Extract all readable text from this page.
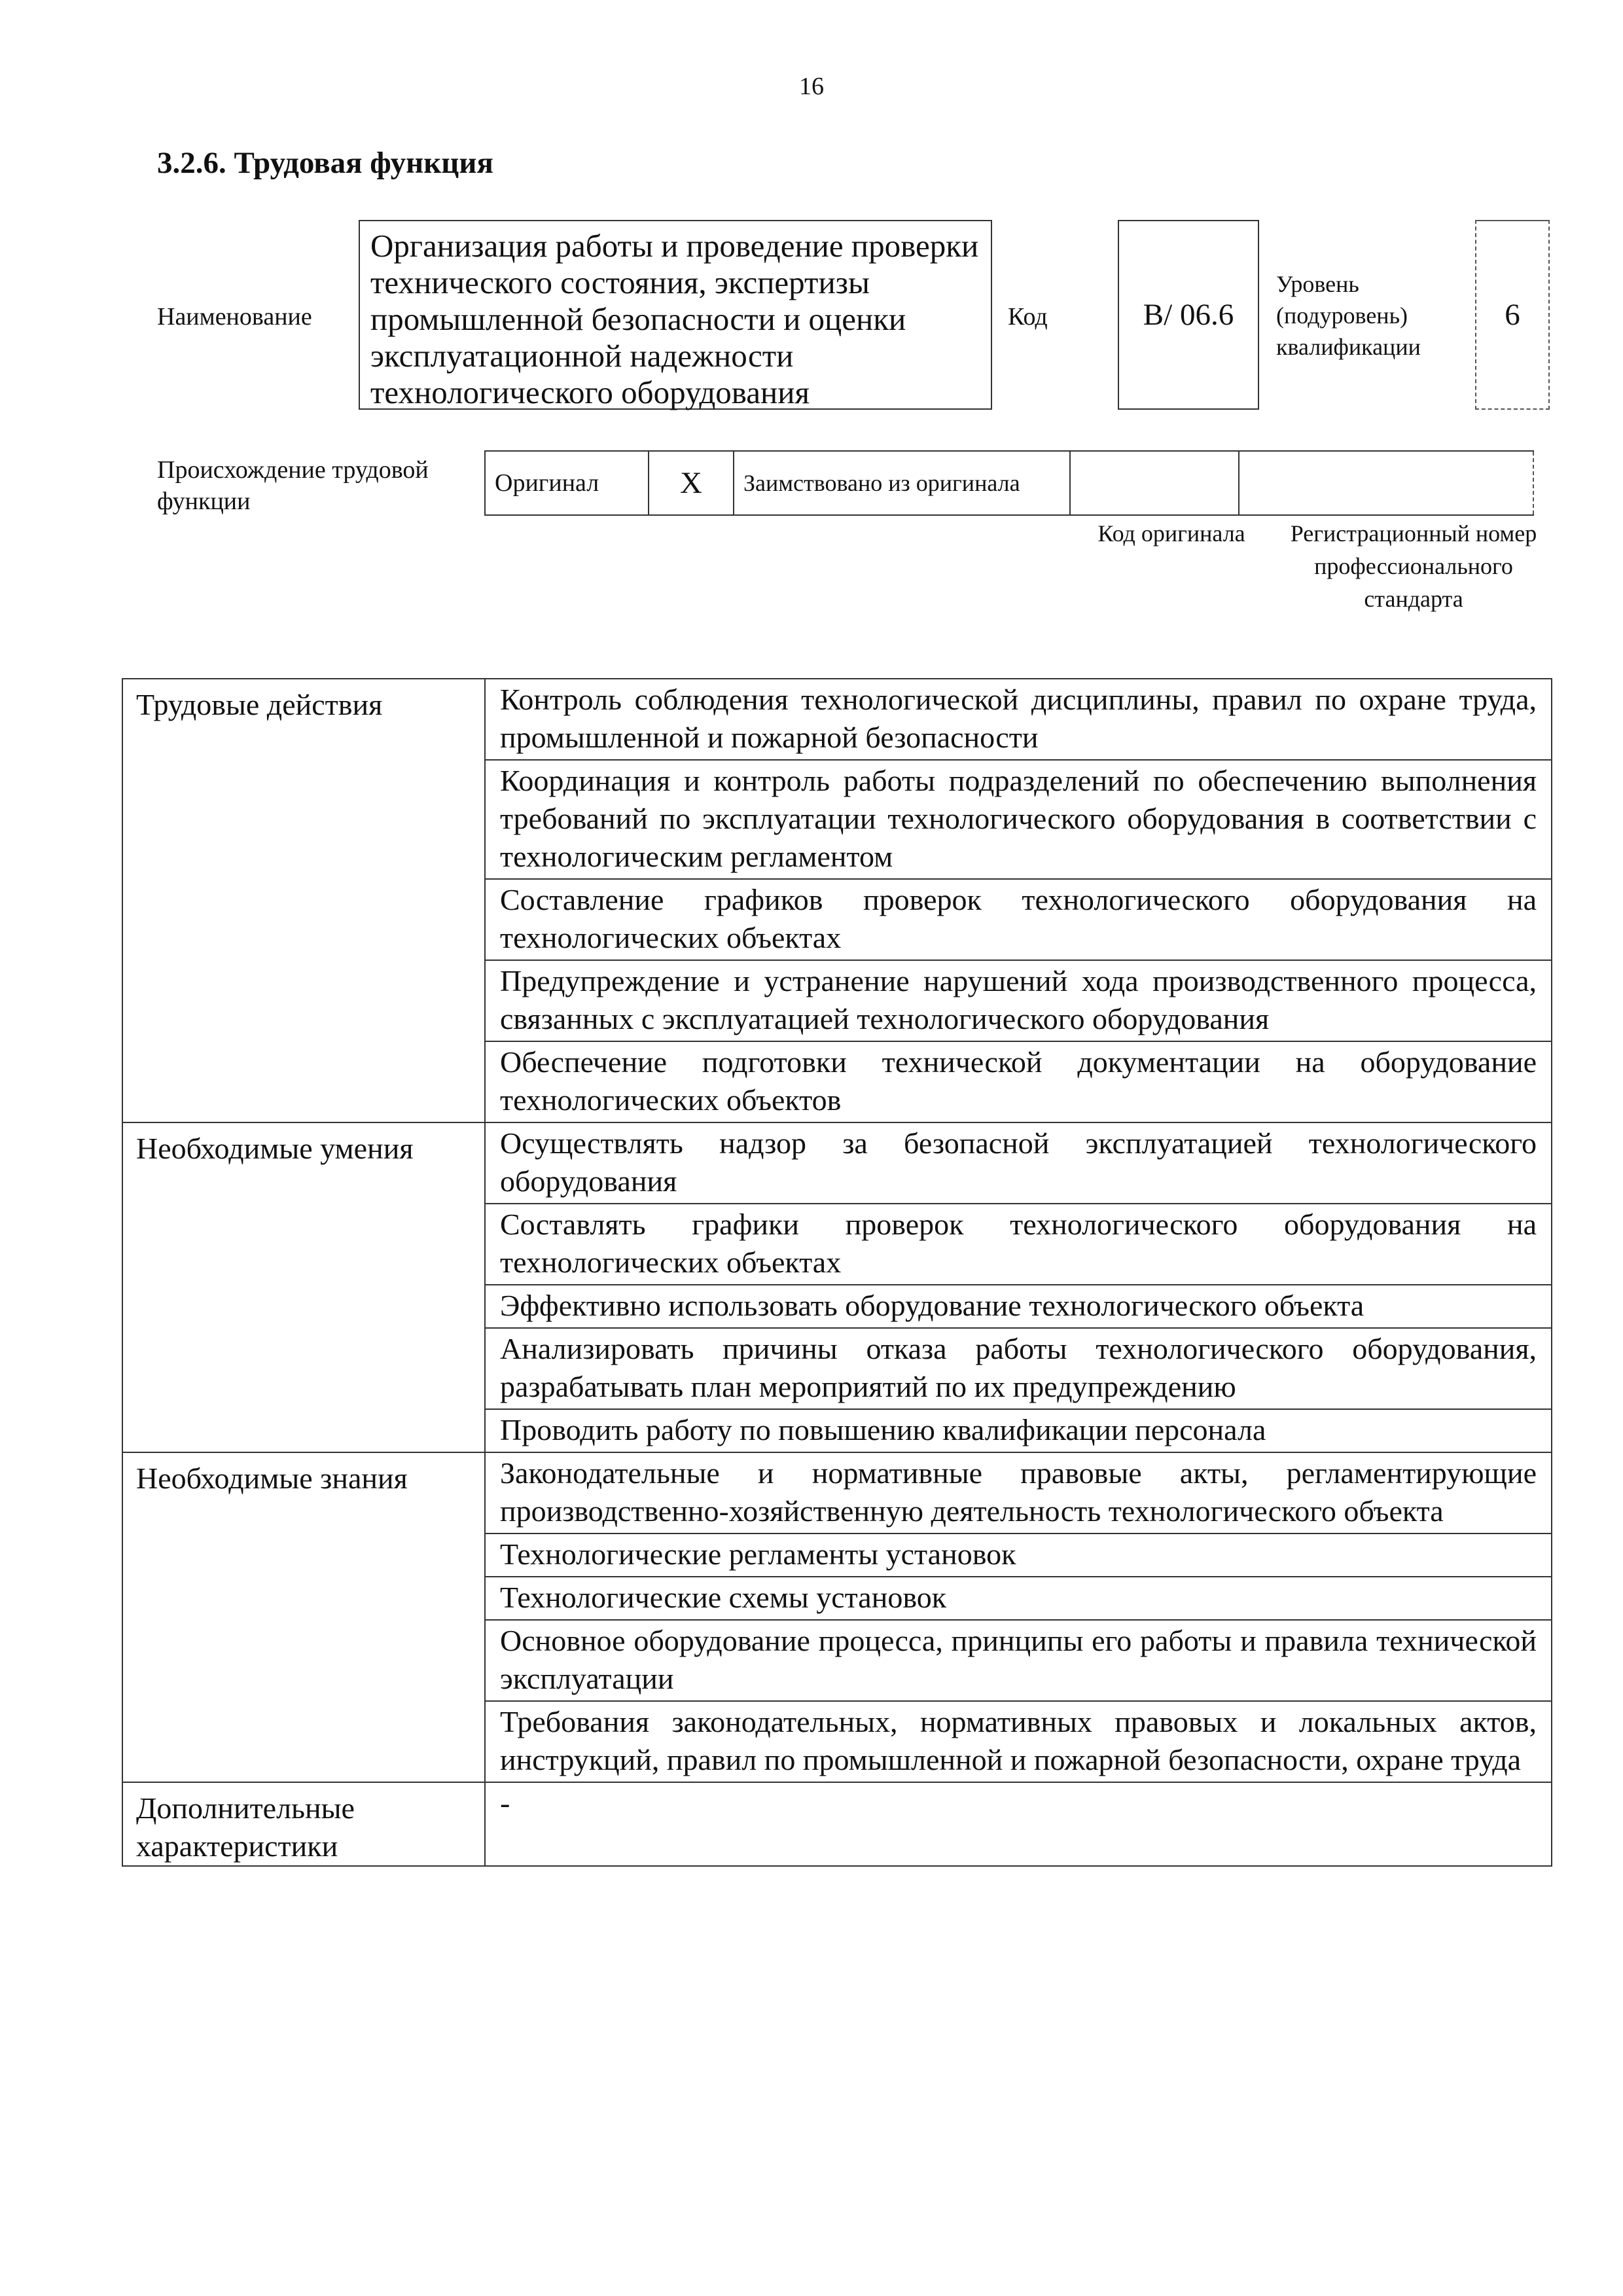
16
3.2.6. Трудовая функция
Наименование
Организация работы и проведение проверки технического состояния, экспертизы промышленной безопасности и оценки эксплуатационной надежности технологического оборудования
Код	B/ 06.6
Уровень
(подуровень)
квалификации
6
Происхождение трудовой функции
Оригинал	X	Заимствовано из оригинала		
Код оригинала	Регистрационный номер профессионального стандарта
Трудовые действия	Контроль соблюдения технологической дисциплины, правил по охране труда, промышленной и пожарной безопасности
	Координация и контроль работы подразделений по обеспечению выполнения требований по эксплуатации технологического оборудования в соответствии с технологическим регламентом
	Составление графиков проверок технологического оборудования на технологических объектах
	Предупреждение и устранение нарушений хода производственного процесса, связанных с эксплуатацией технологического оборудования
	Обеспечение подготовки технической документации на оборудование технологических объектов
Необходимые умения	Осуществлять надзор за безопасной эксплуатацией технологического оборудования
	Составлять графики проверок технологического оборудования на технологических объектах
	Эффективно использовать оборудование технологического объекта
	Анализировать причины отказа работы технологического оборудования, разрабатывать план мероприятий по их предупреждению
	Проводить работу по повышению квалификации персонала
Необходимые знания	Законодательные и нормативные правовые акты, регламентирующие производственно-хозяйственную деятельность технологического объекта
	Технологические регламенты установок
	Технологические схемы установок
	Основное оборудование процесса, принципы его работы и правила технической эксплуатации
	Требования законодательных, нормативных правовых и локальных актов, инструкций, правил по промышленной и пожарной безопасности, охране труда
Дополнительные характеристики	-
